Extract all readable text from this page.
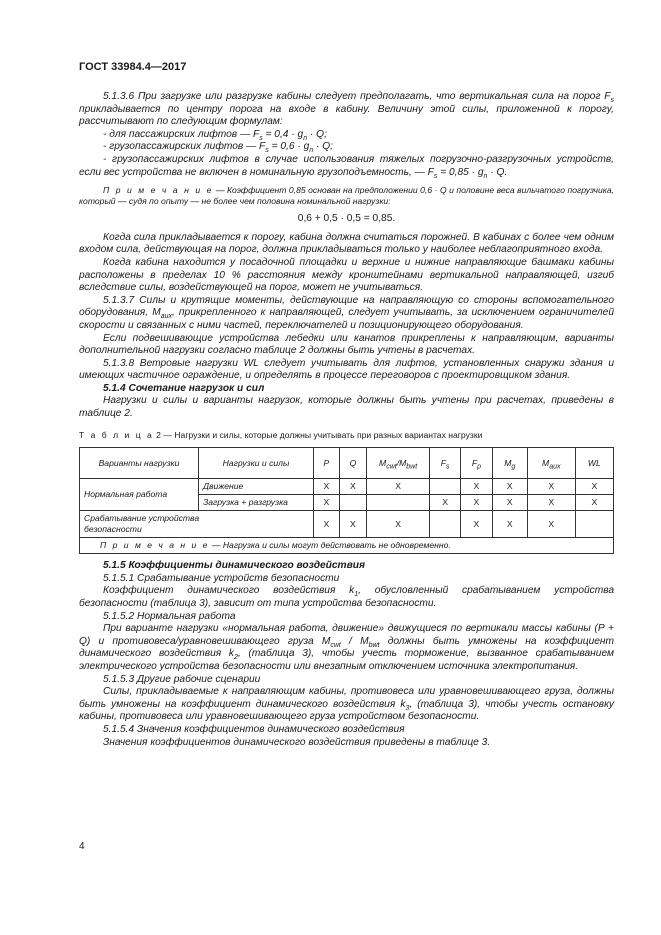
ГОСТ 33984.4—2017

5.1.3.6 При загрузке или разгрузке кабины следует предполагать, что вертикальная сила на порог $F_s$ прикладывается по центру порога на входе в кабину. Величину этой силы, приложенной к порогу, рассчитывают по следующим формулам:

- для пассажирских лифтов — $F_s = 0,4 \cdot g_n \cdot Q$;

- грузопассажирских лифтов — $F_s = 0,6 \cdot g_n \cdot Q$;

- грузопассажирских лифтов в случае использования тяжелых погрузочно-разгрузочных устройств, если вес устройства не включен в номинальную грузоподъемность, — $F_s = 0,85 \cdot g_n \cdot Q$.

П р и м е ч а н и е — Коэффициент 0,85 основан на предположении 0,6 · Q и половине веса вильчатого погрузчика, который — судя по опыту — не более чем половина номинальной нагрузки:

0,6 + 0,5 · 0,5 = 0,85.

Когда сила прикладывается к порогу, кабина должна считаться порожней. В кабинах с более чем одним входом сила, действующая на порог, должна прикладываться только у наиболее неблагоприятного входа.

Когда кабина находится у посадочной площадки и верхние и нижние направляющие башмаки кабины расположены в пределах 10 % расстояния между кронштейнами вертикальной направляющей, изгиб вследствие силы, воздействующей на порог, может не учитываться.

5.1.3.7 Силы и крутящие моменты, действующие на направляющую со стороны вспомогательного оборудования, $M_{aux}$, прикрепленного к направляющей, следует учитывать, за исключением ограничителей скорости и связанных с ними частей, переключателей и позиционирующего оборудования.

Если подвешивающие устройства лебедки или канатов прикреплены к направляющим, варианты дополнительной нагрузки согласно таблице 2 должны быть учтены в расчетах.

5.1.3.8 Ветровые нагрузки WL следует учитывать для лифтов, установленных снаружи здания и имеющих частичное ограждение, и определять в процессе переговоров с проектировщиком здания.

5.1.4 Сочетание нагрузок и сил

Нагрузки и силы и варианты нагрузок, которые должны быть учтены при расчетах, приведены в таблице 2.

Т а б л и ц а 2 — Нагрузки и силы, которые должны учитывать при разных вариантах нагрузки

Варианты нагрузки	Нагрузки и силы	P	Q	$M_{cwt}/M_{bwt}$	$F_s$	$F_p$	$M_g$	$M_{aux}$	WL
Нормальная работа	Движение	X	X	X		X	X	X	X
	Загрузка + разгрузка	X			X	X	X	X	X
Срабатывание устройства безопасности		X	X	X		X	X	X	
П р и м е ч а н и е — Нагрузка и силы могут действовать не одновременно.									

5.1.5 Коэффициенты динамического воздействия

5.1.5.1 Срабатывание устройств безопасности

Коэффициент динамического воздействия $k_1$, обусловленный срабатыванием устройства безопасности (таблица 3), зависит от типа устройства безопасности.

5.1.5.2 Нормальная работа

При варианте нагрузки «нормальная работа, движение» движущиеся по вертикали массы кабины (P + Q) и противовеса/уравновешивающего груза $M_{cwt} / M_{bwt}$ должны быть умножены на коэффициент динамического воздействия $k_2$, (таблица 3), чтобы учесть торможение, вызванное срабатыванием электрического устройства безопасности или внезапным отключением источника электропитания.

5.1.5.3 Другие рабочие сценарии

Силы, прикладываемые к направляющим кабины, противовеса или уравновешивающего груза, должны быть умножены на коэффициент динамического воздействия $k_3$, (таблица 3), чтобы учесть остановку кабины, противовеса или уравновешивающего груза устройством безопасности.

5.1.5.4 Значения коэффициентов динамического воздействия

Значения коэффициентов динамического воздействия приведены в таблице 3.

4
